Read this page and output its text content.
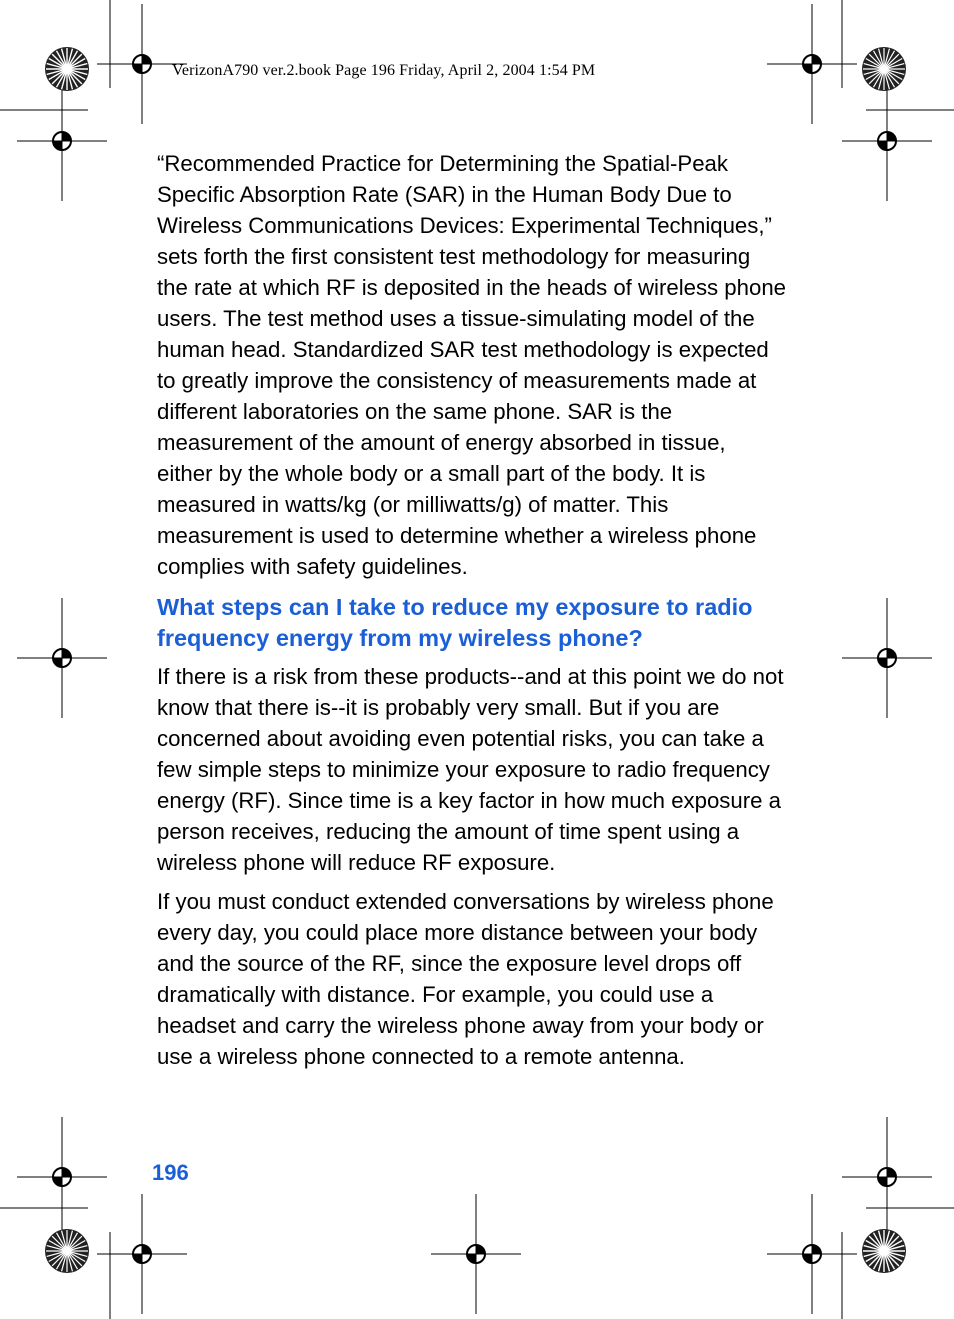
VerizonA790 ver.2.book Page 196 Friday, April 2, 2004 1:54 PM

“Recommended Practice for Determining the Spatial-Peak Specific Absorption Rate (SAR) in the Human Body Due to Wireless Communications Devices: Experimental Techniques,” sets forth the first consistent test methodology for measuring the rate at which RF is deposited in the heads of wireless phone users. The test method uses a tissue-simulating model of the human head. Standardized SAR test methodology is expected to greatly improve the consistency of measurements made at different laboratories on the same phone. SAR is the measurement of the amount of energy absorbed in tissue, either by the whole body or a small part of the body. It is measured in watts/kg (or milliwatts/g) of matter. This measurement is used to determine whether a wireless phone complies with safety guidelines.

What steps can I take to reduce my exposure to radio frequency energy from my wireless phone?

If there is a risk from these products--and at this point we do not know that there is--it is probably very small. But if you are concerned about avoiding even potential risks, you can take a few simple steps to minimize your exposure to radio frequency energy (RF). Since time is a key factor in how much exposure a person receives, reducing the amount of time spent using a wireless phone will reduce RF exposure.

If you must conduct extended conversations by wireless phone every day, you could place more distance between your body and the source of the RF, since the exposure level drops off dramatically with distance. For example, you could use a headset and carry the wireless phone away from your body or use a wireless phone connected to a remote antenna.

196
